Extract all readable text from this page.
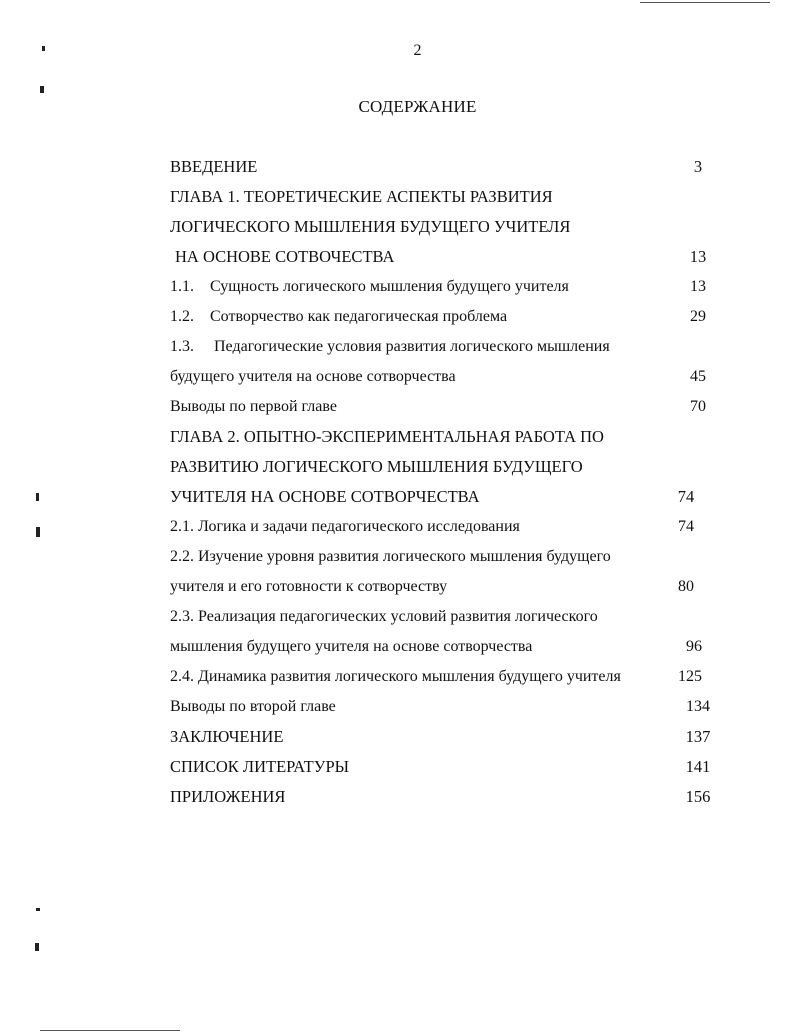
2
СОДЕРЖАНИЕ
ВВЕДЕНИЕ	3
ГЛАВА 1. ТЕОРЕТИЧЕСКИЕ АСПЕКТЫ РАЗВИТИЯ
ЛОГИЧЕСКОГО МЫШЛЕНИЯ БУДУЩЕГО УЧИТЕЛЯ
НА ОСНОВЕ СОТВОЧЕСТВА	13
1.1. Сущность логического мышления будущего учителя	13
1.2. Сотворчество как педагогическая проблема	29
1.3. Педагогические условия развития логического мышления
будущего учителя на основе сотворчества	45
Выводы по первой главе	70
ГЛАВА 2. ОПЫТНО-ЭКСПЕРИМЕНТАЛЬНАЯ РАБОТА ПО
РАЗВИТИЮ ЛОГИЧЕСКОГО МЫШЛЕНИЯ БУДУЩЕГО
УЧИТЕЛЯ НА ОСНОВЕ СОТВОРЧЕСТВА	74
2.1. Логика и задачи педагогического исследования	74
2.2. Изучение уровня развития логического мышления будущего
учителя и его готовности к сотворчеству	80
2.3. Реализация педагогических условий развития логического
мышления будущего учителя на основе сотворчества	96
2.4. Динамика развития логического мышления будущего учителя	125
Выводы по второй главе	134
ЗАКЛЮЧЕНИЕ	137
СПИСОК ЛИТЕРАТУРЫ	141
ПРИЛОЖЕНИЯ	156
